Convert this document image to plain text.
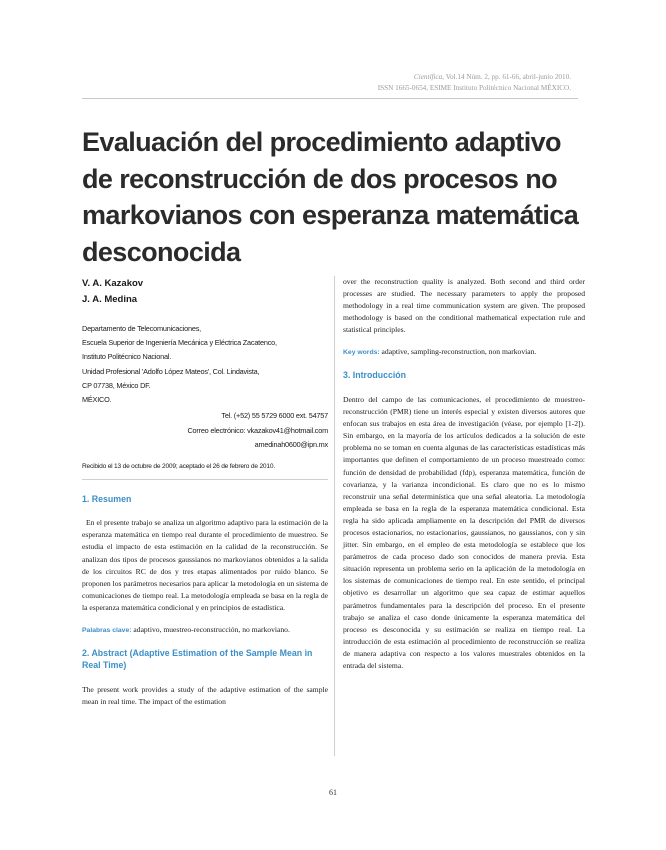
Científica, Vol.14 Núm. 2, pp. 61-66, abril-junio 2010.
ISSN 1665-0654, ESIME Instituto Politécnico Nacional MÉXICO.
Evaluación del procedimiento adaptivo de reconstrucción de dos procesos no markovianos con esperanza matemática desconocida
V. A. Kazakov
J. A. Medina
Departamento de Telecomunicaciones,
Escuela Superior de Ingeniería Mecánica y Eléctrica Zacatenco,
Instituto Politécnico Nacional.
Unidad Profesional 'Adolfo López Mateos', Col. Lindavista,
CP 07738, México DF.
MÉXICO.
Tel. (+52) 55 5729 6000 ext. 54757
Correo electrónico: vkazakov41@hotmail.com
amedinah0600@ipn.mx
Recibido el 13 de octubre de 2009; aceptado el 26 de febrero de 2010.
1. Resumen

En el presente trabajo se analiza un algoritmo adaptivo para la estimación de la esperanza matemática en tiempo real durante el procedimiento de muestreo. Se estudia el impacto de esta estimación en la calidad de la reconstrucción. Se analizan dos tipos de procesos gaussianos no markovianos obtenidos a la salida de los circuitos RC de dos y tres etapas alimentados por ruido blanco. Se proponen los parámetros necesarios para aplicar la metodología en un sistema de comunicaciones de tiempo real. La metodología empleada se basa en la regla de la esperanza matemática condicional y en principios de estadística.

Palabras clave: adaptivo, muestreo-reconstrucción, no markoviano.

2. Abstract (Adaptive Estimation of the Sample Mean in Real Time)

The present work provides a study of the adaptive estimation of the sample mean in real time. The impact of the estimation

over the reconstruction quality is analyzed. Both second and third order processes are studied. The necessary parameters to apply the proposed methodology in a real time communication system are given. The proposed methodology is based on the conditional mathematical expectation rule and statistical principles.

Key words: adaptive, sampling-reconstruction, non markovian.

3. Introducción

Dentro del campo de las comunicaciones, el procedimiento de muestreo-reconstrucción (PMR) tiene un interés especial y existen diversos autores que enfocan sus trabajos en esta área de investigación (véase, por ejemplo [1-2]). Sin embargo, en la mayoría de los artículos dedicados a la solución de este problema no se toman en cuenta algunas de las características estadísticas más importantes que definen el comportamiento de un proceso muestreado como: función de densidad de probabilidad (fdp), esperanza matemática, función de covarianza, y la varianza incondicional. Es claro que no es lo mismo reconstruir una señal determinística que una señal aleatoria. La metodología empleada se basa en la regla de la esperanza matemática condicional. Esta regla ha sido aplicada ampliamente en la descripción del PMR de diversos procesos estacionarios, no estacionarios, gaussianos, no gaussianos, con y sin jitter. Sin embargo, en el empleo de esta metodología se establece que los parámetros de cada proceso dado son conocidos de manera previa. Esta situación representa un problema serio en la aplicación de la metodología en los sistemas de comunicaciones de tiempo real. En este sentido, el principal objetivo es desarrollar un algoritmo que sea capaz de estimar aquellos parámetros fundamentales para la descripción del proceso. En el presente trabajo se analiza el caso donde únicamente la esperanza matemática del proceso es desconocida y su estimación se realiza en tiempo real. La introducción de esta estimación al procedimiento de reconstrucción se realiza de manera adaptiva con respecto a los valores muestrales obtenidos en la entrada del sistema.

61
